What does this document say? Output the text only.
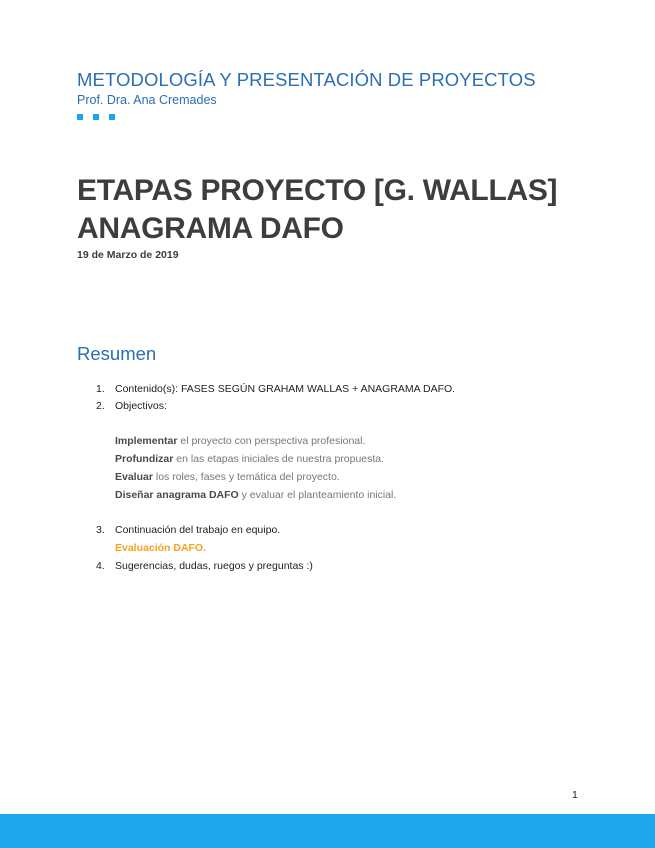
METODOLOGÍA Y PRESENTACIÓN DE PROYECTOS
Prof. Dra. Ana Cremades
ETAPAS PROYECTO [G. WALLAS]
ANAGRAMA DAFO
19 de Marzo de 2019
Resumen
1. Contenido(s): FASES SEGÚN GRAHAM WALLAS + ANAGRAMA DAFO.
2. Objectivos:
Implementar el proyecto con perspectiva profesional.
Profundizar en las etapas iniciales de nuestra propuesta.
Evaluar los roles, fases y temática del proyecto.
Diseñar anagrama DAFO y evaluar el planteamiento inicial.
3. Continuación del trabajo en equipo.
Evaluación DAFO.
4. Sugerencias, dudas, ruegos y preguntas :)
1
